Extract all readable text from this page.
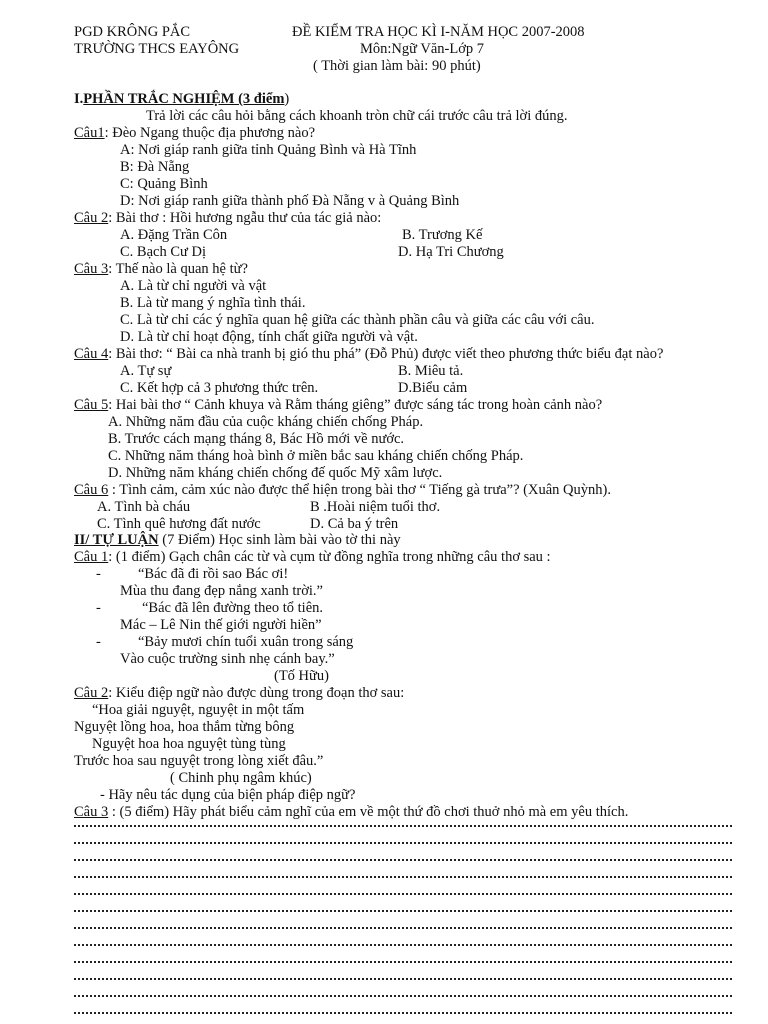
PGD KRÔNG PẮC
TRƯỜNG THCS EAYÔNG
ĐỀ KIỂM TRA HỌC KÌ I-NĂM HỌC 2007-2008
Môn:Ngữ Văn-Lớp 7
( Thời gian làm bài: 90 phút)
I.PHẦN TRẮC NGHIỆM (3 điểm)
Trả lời các câu hỏi bằng cách khoanh tròn chữ cái trước câu trả lời đúng.
Câu1: Đèo Ngang thuộc địa phương nào?
A: Nơi giáp ranh giữa tỉnh Quảng Bình và Hà Tĩnh
B: Đà Nẵng
C: Quảng Bình
D: Nơi giáp ranh giữa thành phố Đà Nẵng v à Quảng Bình
Câu 2: Bài thơ : Hồi hương ngẫu thư của tác giả nào:
A. Đặng Trần Côn	B. Trương Kế
C. Bạch Cư Dị	D. Hạ Tri Chương
Câu 3: Thế nào là quan hệ từ?
A. Là từ chỉ người và vật
B. Là từ mang ý nghĩa tình thái.
C. Là từ chỉ các ý nghĩa quan hệ giữa các thành phần câu và giữa các câu với câu.
D. Là từ chỉ hoạt động, tính chất giữa người và vật.
Câu 4: Bài thơ: “ Bài ca nhà tranh bị gió thu phá” (Đỗ Phủ) được viết theo phương thức biểu đạt nào?
A. Tự sự	B. Miêu tả.
C. Kết hợp cả 3 phương thức trên.	D.Biểu cảm
Câu 5: Hai bài thơ “ Cảnh khuya và Rằm tháng giêng” được sáng tác trong hoàn cảnh nào?
A. Những năm đầu của cuộc kháng chiến chống Pháp.
B. Trước cách mạng tháng 8, Bác Hồ mới về nước.
C. Những năm tháng hoà bình ở miền bắc sau kháng chiến chống Pháp.
D. Những năm kháng chiến chống đế quốc Mỹ xâm lược.
Câu 6 : Tình cảm, cảm xúc nào được thể hiện trong bài thơ “ Tiếng gà trưa”? (Xuân Quỳnh).
A. Tình bà cháu	B .Hoài niệm tuổi thơ.
C. Tình quê hương đất nước	D. Cả ba ý trên
II/ TỰ LUẬN (7 Điểm) Học sinh làm bài vào tờ thi này
Câu 1: (1 điểm) Gạch chân các từ và cụm từ đồng nghĩa trong những câu thơ sau :
-	“Bác đã đi rồi sao Bác ơi!
Mùa thu đang đẹp nắng xanh trời.”
-	“Bác đã lên đường theo tổ tiên.
Mác – Lê Nin thế giới người hiền”
-	“Bảy mươi chín tuổi xuân trong sáng
Vào cuộc trường sinh nhẹ cánh bay.”
(Tố Hữu)
Câu 2: Kiểu điệp ngữ nào được dùng trong đoạn thơ sau:
“Hoa giải nguyệt, nguyệt in một tấm
Nguyệt lồng hoa, hoa thắm từng bông
Nguyệt hoa hoa nguyệt tùng tùng
Trước hoa sau nguyệt trong lòng xiết đâu.”
( Chinh phụ ngâm khúc)
- Hãy nêu tác dụng của biện pháp điệp ngữ?
Câu 3 : (5 điểm) Hãy phát biểu cảm nghĩ của em về một thứ đồ chơi thuở nhỏ mà em yêu thích.
